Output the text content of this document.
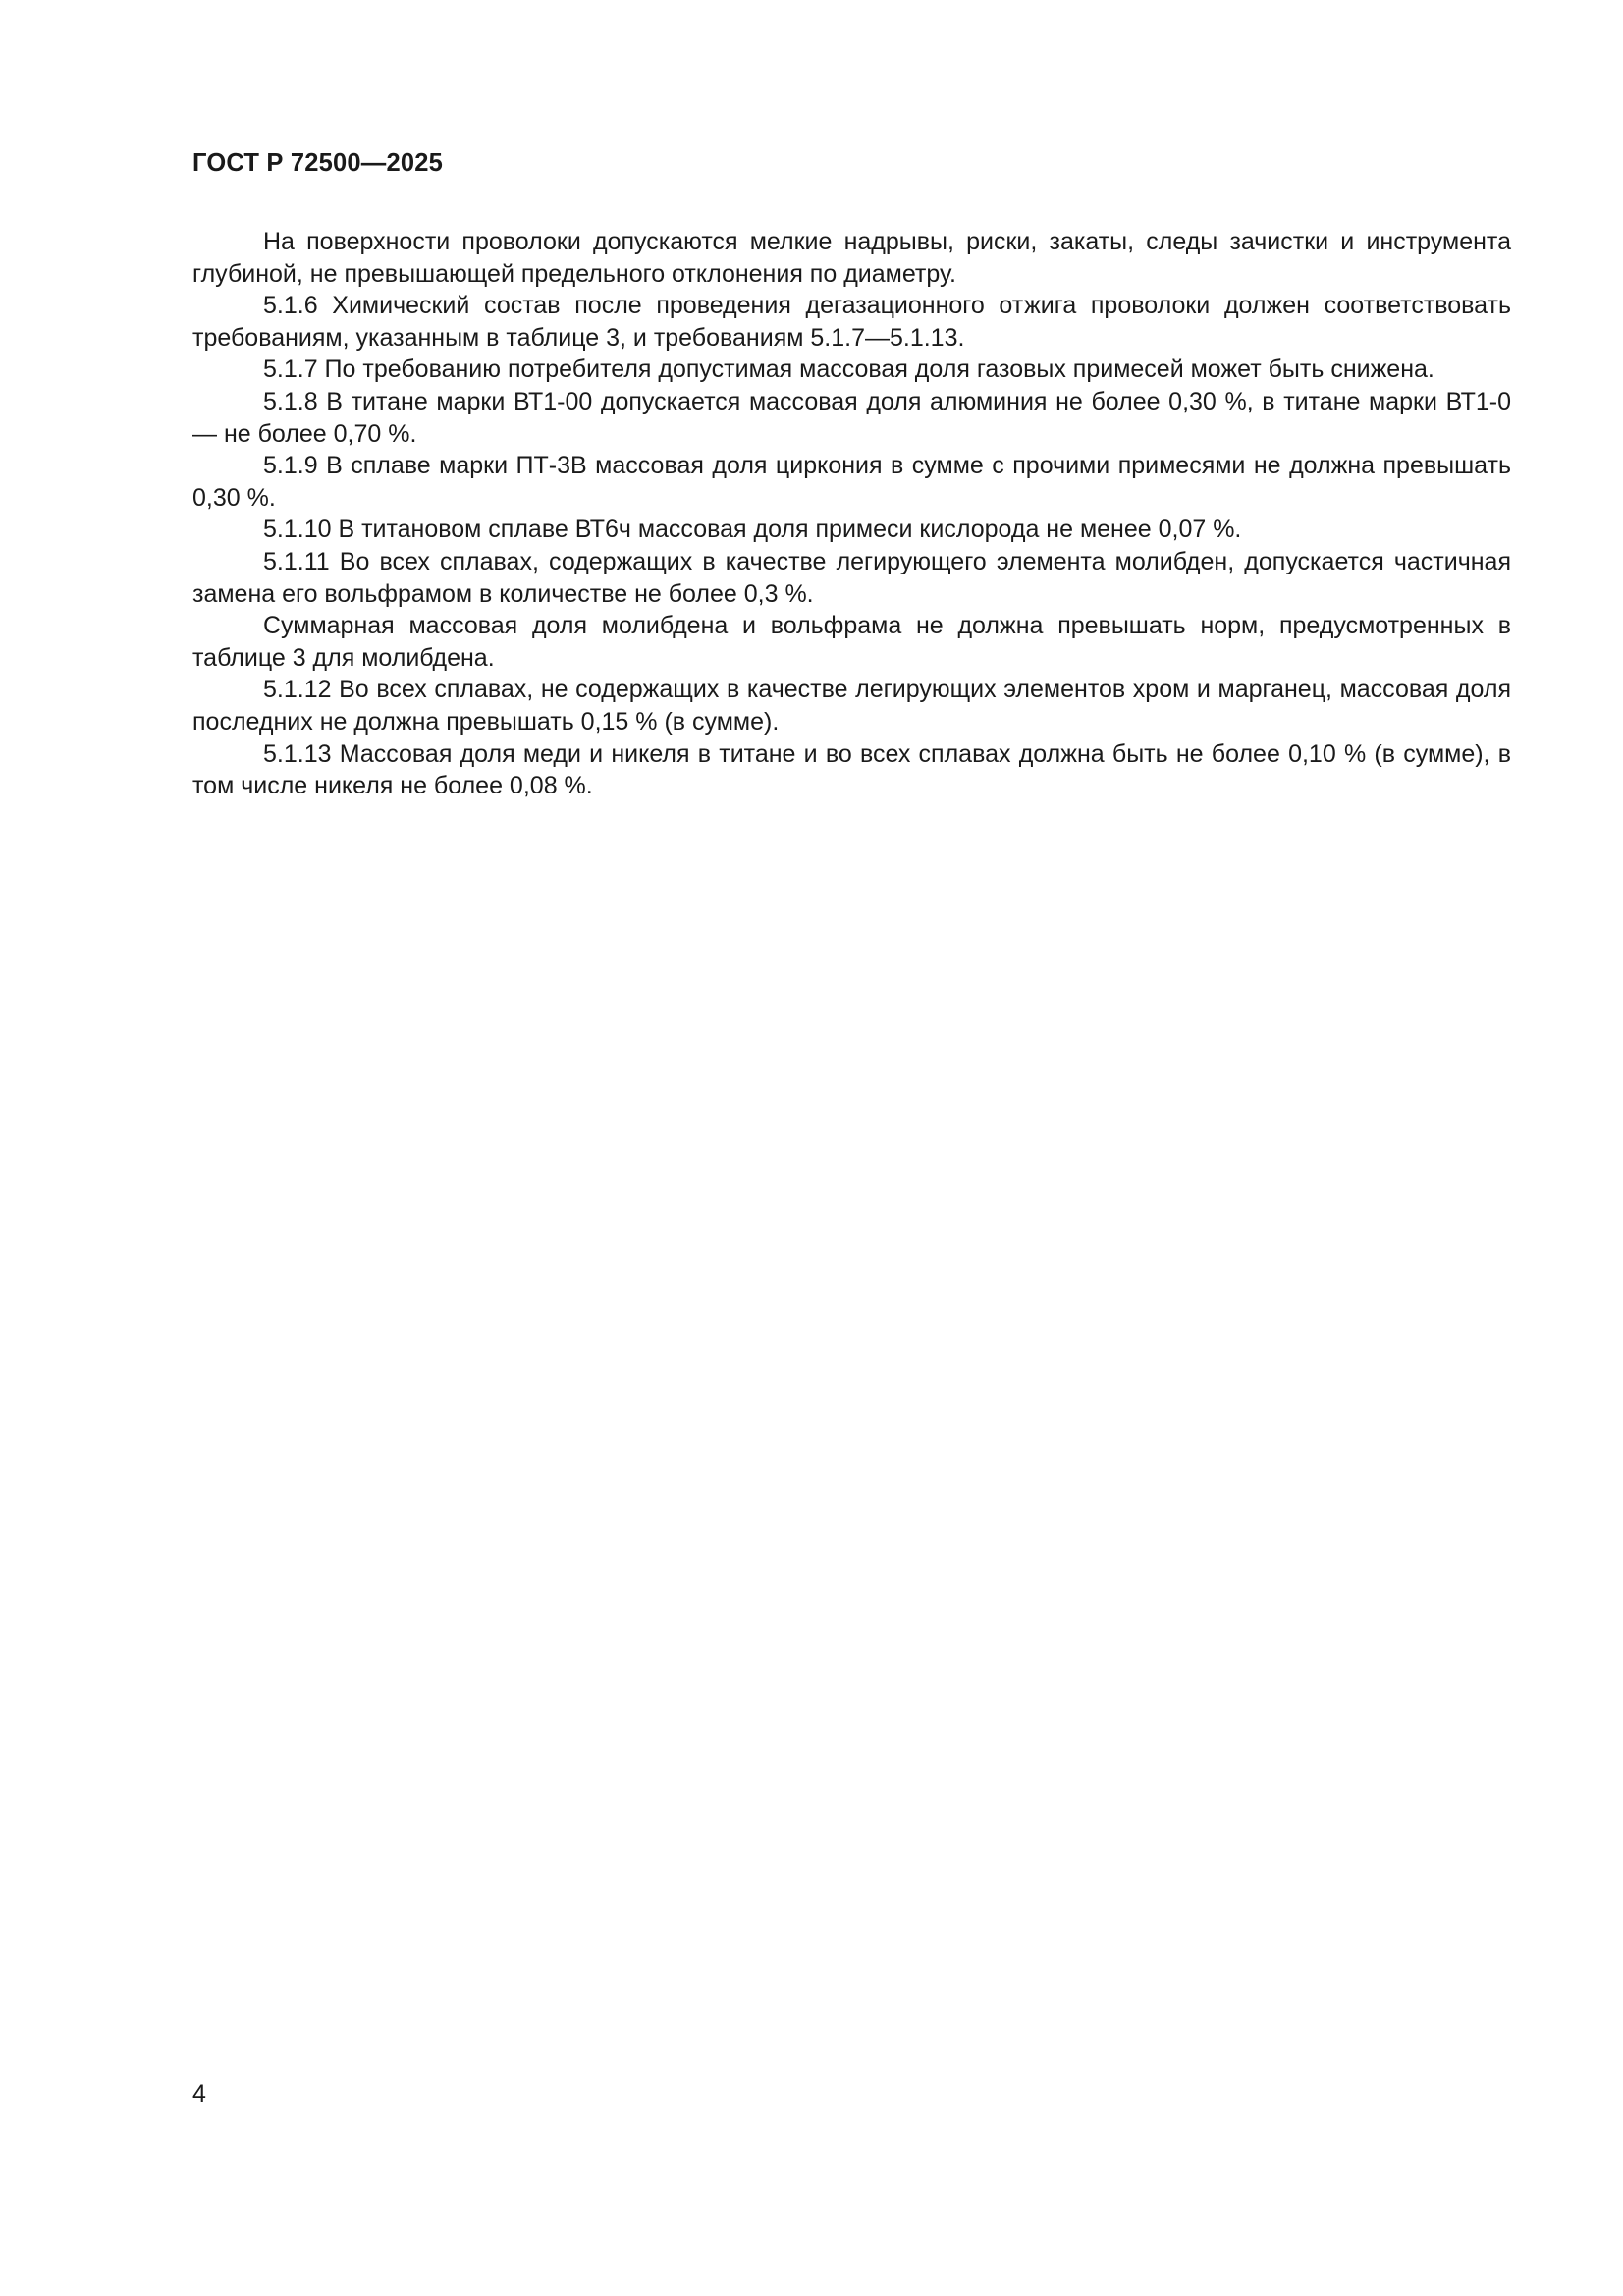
ГОСТ Р 72500—2025

На поверхности проволоки допускаются мелкие надрывы, риски, закаты, следы зачистки и инструмента глубиной, не превышающей предельного отклонения по диаметру.

5.1.6 Химический состав после проведения дегазационного отжига проволоки должен соответствовать требованиям, указанным в таблице 3, и требованиям 5.1.7—5.1.13.

5.1.7 По требованию потребителя допустимая массовая доля газовых примесей может быть снижена.

5.1.8 В титане марки ВТ1-00 допускается массовая доля алюминия не более 0,30 %, в титане марки ВТ1-0 — не более 0,70 %.

5.1.9 В сплаве марки ПТ-3В массовая доля циркония в сумме с прочими примесями не должна превышать 0,30 %.

5.1.10 В титановом сплаве ВТ6ч массовая доля примеси кислорода не менее 0,07 %.

5.1.11 Во всех сплавах, содержащих в качестве легирующего элемента молибден, допускается частичная замена его вольфрамом в количестве не более 0,3 %.

Суммарная массовая доля молибдена и вольфрама не должна превышать норм, предусмотренных в таблице 3 для молибдена.

5.1.12 Во всех сплавах, не содержащих в качестве легирующих элементов хром и марганец, массовая доля последних не должна превышать 0,15 % (в сумме).

5.1.13 Массовая доля меди и никеля в титане и во всех сплавах должна быть не более 0,10 % (в сумме), в том числе никеля не более 0,08 %.

4
